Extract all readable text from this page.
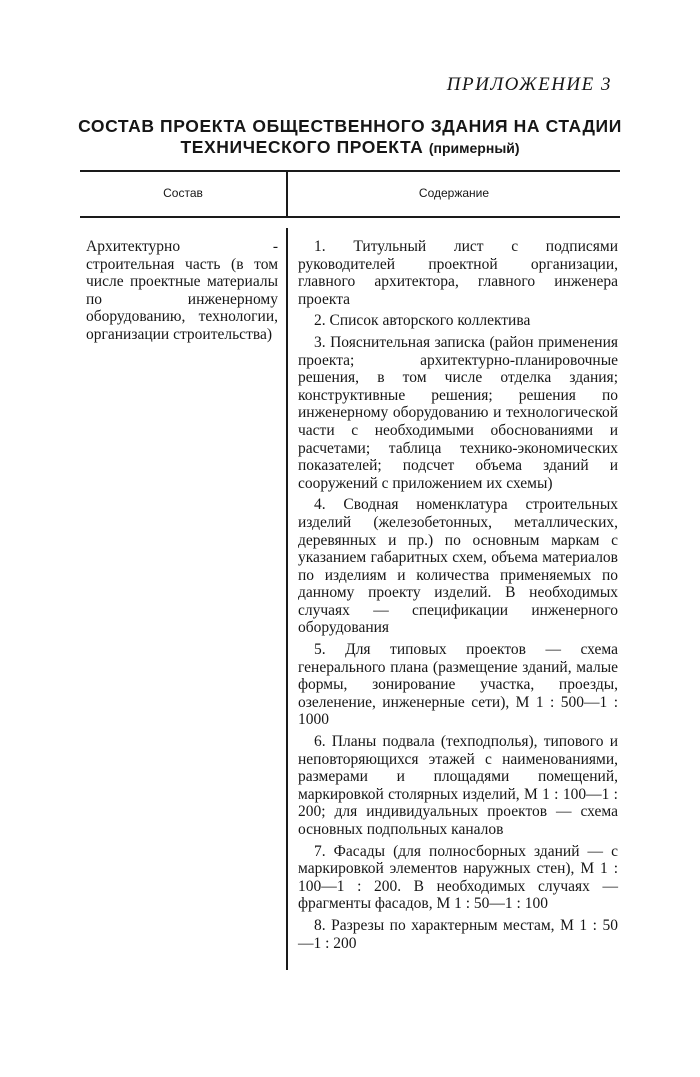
ПРИЛОЖЕНИЕ 3

СОСТАВ ПРОЕКТА ОБЩЕСТВЕННОГО ЗДАНИЯ НА СТАДИИ
ТЕХНИЧЕСКОГО ПРОЕКТА (примерный)

Состав	Содержание

Архитектурно - строительная часть (в том числе проектные материалы по инженерному оборудованию, технологии, организации строительства)

1. Титульный лист с подписями руководителей проектной организации, главного архитектора, главного инженера проекта
2. Список авторского коллектива
3. Пояснительная записка (район применения проекта; архитектурно-планировочные решения, в том числе отделка здания; конструктивные решения; решения по инженерному оборудованию и технологической части с необходимыми обоснованиями и расчетами; таблица технико-экономических показателей; подсчет объема зданий и сооружений с приложением их схемы)
4. Сводная номенклатура строительных изделий (железобетонных, металлических, деревянных и пр.) по основным маркам с указанием габаритных схем, объема материалов по изделиям и количества применяемых по данному проекту изделий. В необходимых случаях — спецификации инженерного оборудования
5. Для типовых проектов — схема генерального плана (размещение зданий, малые формы, зонирование участка, проезды, озеленение, инженерные сети), М 1 : 500—1 : 1000
6. Планы подвала (техподполья), типового и неповторяющихся этажей с наименованиями, размерами и площадями помещений, маркировкой столярных изделий, М 1 : 100—1 : 200; для индивидуальных проектов — схема основных подпольных каналов
7. Фасады (для полносборных зданий — с маркировкой элементов наружных стен), М 1 : 100—1 : 200. В необходимых случаях — фрагменты фасадов, М 1 : 50—1 : 100
8. Разрезы по характерным местам, М 1 : 50—1 : 200
